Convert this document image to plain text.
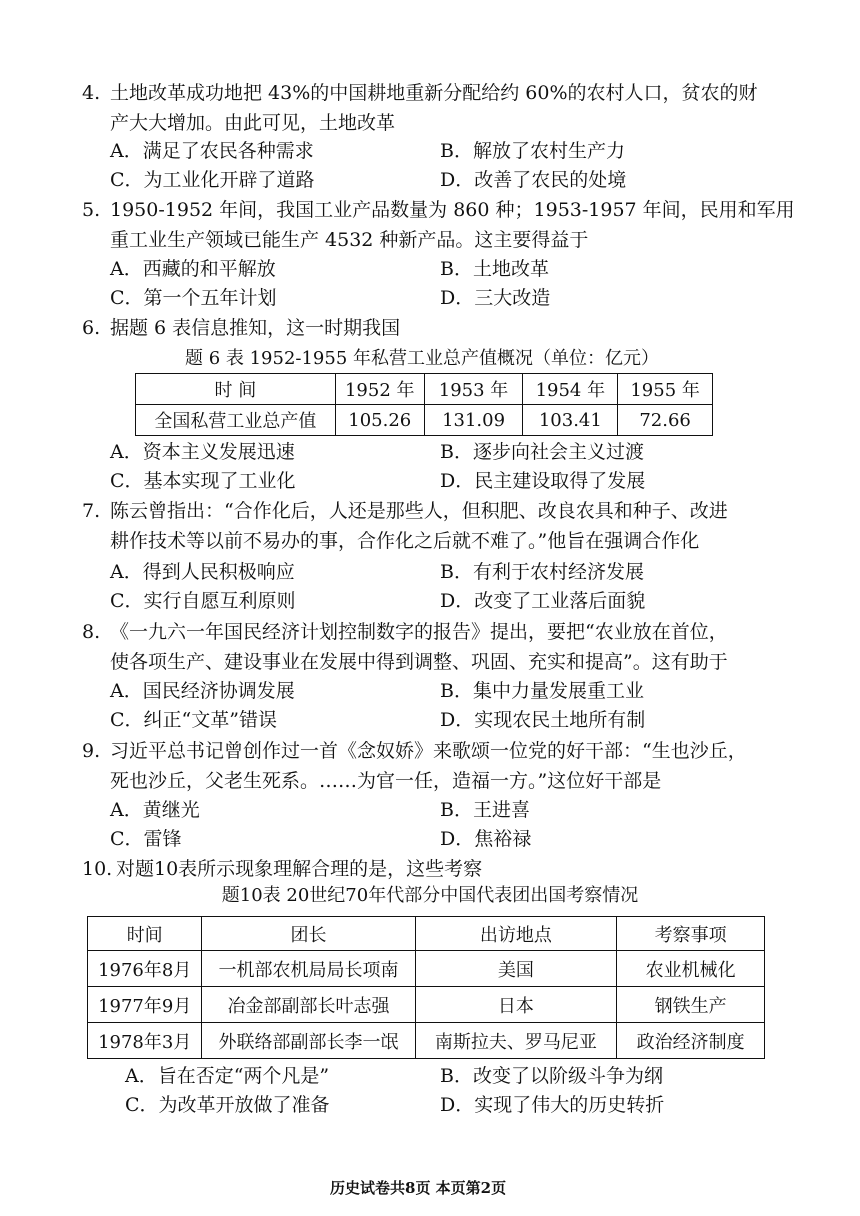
4. 土地改革成功地把 43%的中国耕地重新分配给约 60%的农村人口，贫农的财
产大大增加。由此可见，土地改革
A．满足了农民各种需求	B．解放了农村生产力
C．为工业化开辟了道路	D．改善了农民的处境
5. 1950-1952 年间，我国工业产品数量为 860 种；1953-1957 年间，民用和军用
重工业生产领域已能生产 4532 种新产品。这主要得益于
A．西藏的和平解放	B．土地改革
C．第一个五年计划	D．三大改造
6. 据题 6 表信息推知，这一时期我国
题 6 表 1952-1955 年私营工业总产值概况（单位：亿元）
时 间	1952 年	1953 年	1954 年	1955 年
全国私营工业总产值	105.26	131.09	103.41	72.66
A．资本主义发展迅速	B．逐步向社会主义过渡
C．基本实现了工业化	D．民主建设取得了发展
7. 陈云曾指出：“合作化后，人还是那些人，但积肥、改良农具和种子、改进
耕作技术等以前不易办的事，合作化之后就不难了。”他旨在强调合作化
A．得到人民积极响应	B．有利于农村经济发展
C．实行自愿互利原则	D．改变了工业落后面貌
8. 《一九六一年国民经济计划控制数字的报告》提出，要把“农业放在首位，
使各项生产、建设事业在发展中得到调整、巩固、充实和提高”。这有助于
A．国民经济协调发展	B．集中力量发展重工业
C．纠正“文革”错误	D．实现农民土地所有制
9. 习近平总书记曾创作过一首《念奴娇》来歌颂一位党的好干部：“生也沙丘，
死也沙丘，父老生死系。……为官一任，造福一方。”这位好干部是
A．黄继光	B．王进喜
C．雷锋	D．焦裕禄
10. 对题10表所示现象理解合理的是，这些考察
题10表 20世纪70年代部分中国代表团出国考察情况
时间	团长	出访地点	考察事项
1976年8月	一机部农机局局长项南	美国	农业机械化
1977年9月	冶金部副部长叶志强	日本	钢铁生产
1978年3月	外联络部副部长李一氓	南斯拉夫、罗马尼亚	政治经济制度
A．旨在否定“两个凡是”	B．改变了以阶级斗争为纲
C．为改革开放做了准备	D．实现了伟大的历史转折
历史试卷共8页 本页第2页
